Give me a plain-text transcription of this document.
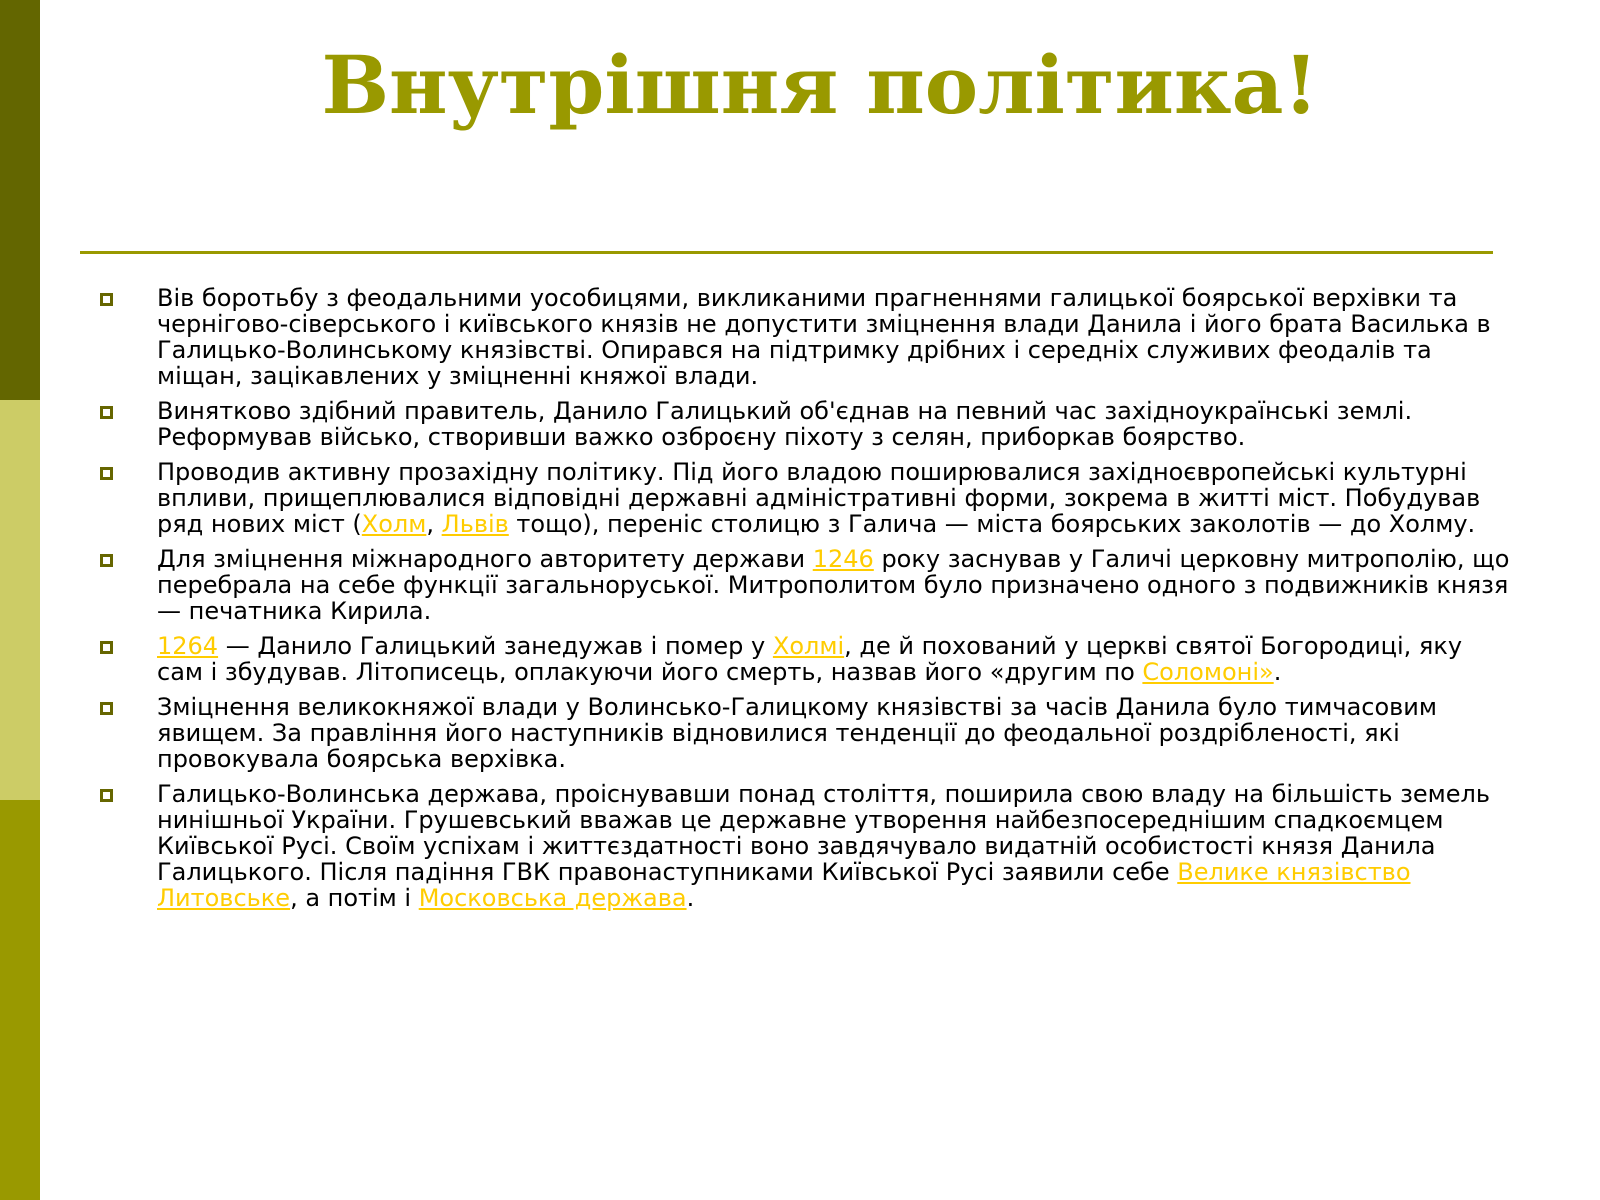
Внутрішня політика!
Вів боротьбу з феодальними уособицями, викликаними прагненнями галицької боярської верхівки та чернігово-сіверського і київського князів не допустити зміцнення влади Данила і його брата Василька в Галицько-Волинському князівстві. Опирався на підтримку дрібних і середніх служивих феодалів та міщан, зацікавлених у зміцненні княжої влади.
Винятково здібний правитель, Данило Галицький об'єднав на певний час західноукраїнські землі. Реформував військо, створивши важко озброєну піхоту з селян, приборкав боярство.
Проводив активну прозахідну політику. Під його владою поширювалися західноєвропейські культурні впливи, прищеплювалися відповідні державні адміністративні форми, зокрема в житті міст. Побудував ряд нових міст (Холм, Львів тощо), переніс столицю з Галича — міста боярських заколотів — до Холму.
Для зміцнення міжнародного авторитету держави 1246 року заснував у Галичі церковну митрополію, що перебрала на себе функції загальноруської. Митрополитом було призначено одного з подвижників князя — печатника Кирила.
1264 — Данило Галицький занедужав і помер у Холмі, де й похований у церкві святої Богородиці, яку сам і збудував. Літописець, оплакуючи його смерть, назвав його «другим по Соломоні».
Зміцнення великокняжої влади у Волинсько-Галицкому князівстві за часів Данила було тимчасовим явищем. За правління його наступників відновилися тенденції до феодальної роздрібленості, які провокувала боярська верхівка.
Галицько-Волинська держава, проіснувавши понад століття, поширила свою владу на більшість земель нинішньої України. Грушевський вважав це державне утворення найбезпосереднішим спадкоємцем Київської Русі. Своїм успіхам і життєздатності воно завдячувало видатній особистості князя Данила Галицького. Після падіння ГВК правонаступниками Київської Русі заявили себе Велике князівство Литовське, а потім і Московська держава.
